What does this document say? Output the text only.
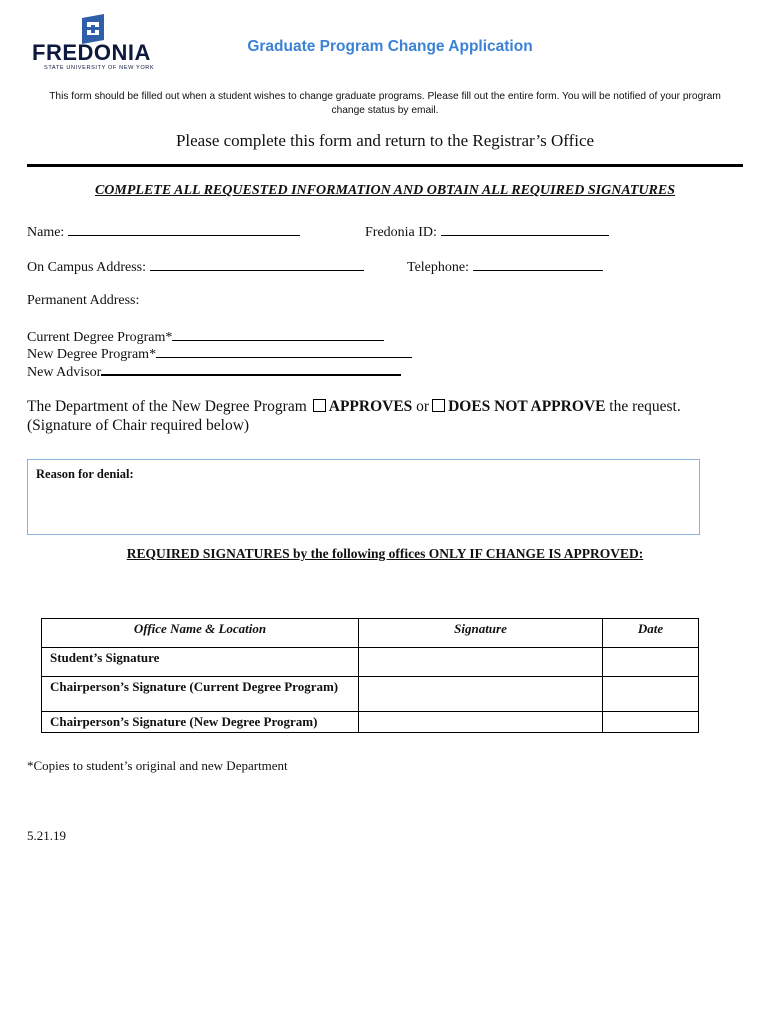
FREDONIA
STATE UNIVERSITY OF NEW YORK
Graduate Program Change Application
This form should be filled out when a student wishes to change graduate programs. Please fill out the entire form. You will be notified of your program change status by email.
Please complete this form and return to the Registrar’s Office
COMPLETE ALL REQUESTED INFORMATION AND OBTAIN ALL REQUIRED SIGNATURES
Name:	Fredonia ID:
On Campus Address:	Telephone:
Permanent Address:
Current Degree Program*
New Degree Program*
New Advisor
The Department of the New Degree Program APPROVES or DOES NOT APPROVE the request.
(Signature of Chair required below)
Reason for denial:
REQUIRED SIGNATURES by the following offices ONLY IF CHANGE IS APPROVED:
Office Name & Location	Signature	Date
Student’s Signature		
Chairperson’s Signature (Current Degree Program)		
Chairperson’s Signature (New Degree Program)		
*Copies to student’s original and new Department
5.21.19
